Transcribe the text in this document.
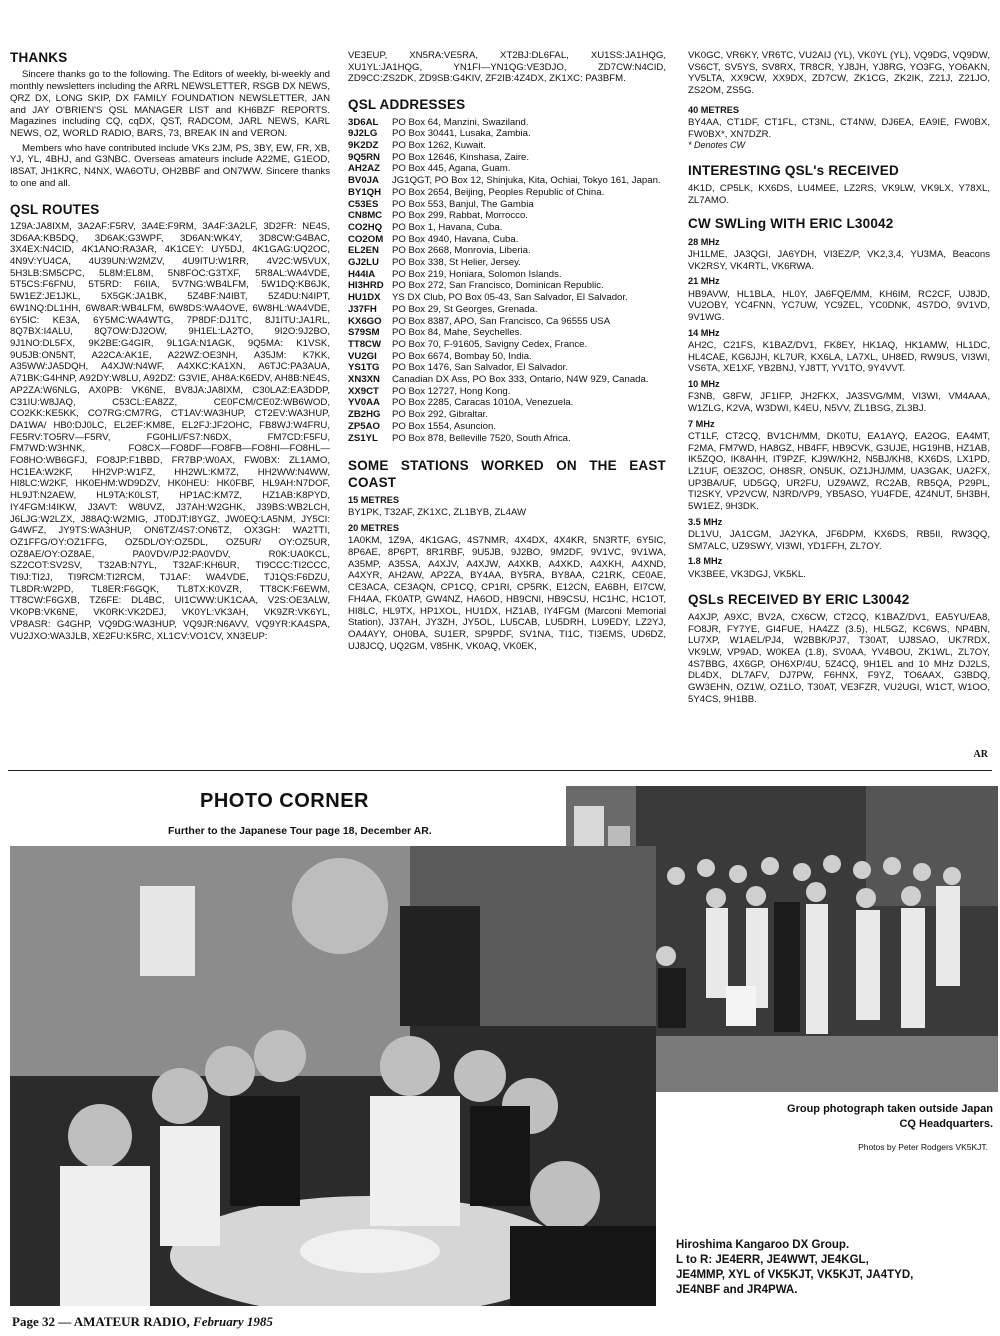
THANKS

Sincere thanks go to the following. The Editors of weekly, bi-weekly and monthly newsletters including the ARRL NEWSLETTER, RSGB DX NEWS, QRZ DX, LONG SKIP, DX FAMILY FOUNDATION NEWSLETTER, JAN and JAY O'BRIEN'S QSL MANAGER LIST and KH6BZF REPORTS. Magazines including CQ, cqDX, QST, RADCOM, JARL NEWS, KARL NEWS, OZ, WORLD RADIO, BARS, 73, BREAK IN and VERON.

Members who have contributed include VKs 2JM, PS, 3BY, EW, FR, XB, YJ, YL, 4BHJ, and G3NBC. Overseas amateurs include A22ME, G1EOD, I8SAT, JH1KRC, N4NX, WA6OTU, OH2BBF and ON7WW. Sincere thanks to one and all.

QSL ROUTES

1Z9A:JA8IXM, 3A2AF:F5RV, 3A4E:F9RM, 3A4F:3A2LF, 3D2FR: NE4S, 3D6AA:KB5DQ, 3D6AK:G3WPF, 3D6AN:WK4Y, 3D8CW:G4BAC, 3X4EX:N4CID, 4K1ANO:RA3AR, 4K1CEY: UY5DJ, 4K1GAG:UQ2OC, 4N9V:YU4CA, 4U39UN:W2MZV, 4U9ITU:W1RR, 4V2C:W5VUX, 5H3LB:SM5CPC, 5L8M:EL8M, 5N8FOC:G3TXF, 5R8AL:WA4VDE, 5T5CS:F6FNU, 5T5RD: F6IIA, 5V7NG:WB4LFM, 5W1DQ:KB6JK, 5W1EZ:JE1JKL, 5X5GK:JA1BK, 5Z4BF:N4IBT, 5Z4DU:N4IPT, 6W1NQ:DL1HH, 6W8AR:WB4LFM, 6W8DS:WA4OVE, 6W8HL:WA4VDE, 6Y5IC: KE3A, 6Y5MC:WA4WTG, 7P8DF:DJ1TC, 8J1ITU:JA1RL, 8Q7BX:I4ALU, 8Q7OW:DJ2OW, 9H1EL:LA2TO, 9I2O:9J2BO, 9J1NO:DL5FX, 9K2BE:G4GIR, 9L1GA:N1AGK, 9Q5MA: K1VSK, 9U5JB:ON5NT, A22CA:AK1E, A22WZ:OE3NH, A35JM: K7KK, A35WW:JA5DQH, A4XJW:N4WF, A4XKC:KA1XN, A6TJC:PA3AUA, A71BK:G4HNP, A92DY:W8LU, A92DZ: G3VIE, AH8A:K6EDV, AH8B:NE4S, AP2ZA:W6NLG, AX0PB: VK6NE, BV8JA:JA8IXM, C30LAZ:EA3DDP, C31IU:W8JAQ, C53CL:EA8ZZ, CE0FCM/CE0Z:WB6WOD, CO2KK:KE5KK, CO7RG:CM7RG, CT1AV:WA3HUP, CT2EV:WA3HUP, DA1WA/ HB0:DJ0LC, EL2EF:KM8E, EL2FJ:JF2OHC, FB8WJ:W4FRU, FE5RV:TO5RV—F5RV, FG0HLI/FS7:N6DX, FM7CD:F5FU, FM7WD:W3HNK, FO8CX—FO8DF—FO8FB—FO8HI—FO8HL— FO8HO:WB6GFJ, FO8JP:F1BBD, FR7BP:W0AX, FW0BX: ZL1AMO, HC1EA:W2KF, HH2VP:W1FZ, HH2WL:KM7Z, HH2WW:N4WW, HI8LC:W2KF, HK0EHM:WD9DZV, HK0HEU: HK0FBF, HL9AH:N7DOF, HL9JT:N2AEW, HL9TA:K0LST, HP1AC:KM7Z, HZ1AB:K8PYD, IY4FGM:I4IKW, J3AVT: W8UVZ, J37AH:W2GHK, J39BS:WB2LCH, J6LJG:W2LZX, J88AQ:W2MIG, JT0DJT:I8YGZ, JW0EQ:LA5NM, JY5CI: G4WFZ, JY9TS:WA3HUP, ON6TZ/4S7:ON6TZ, OX3GH: WA2TTI, OZ1FFG/OY:OZ1FFG, OZ5DL/OY:OZ5DL, OZ5UR/ OY:OZ5UR, OZ8AE/OY:OZ8AE, PA0VDV/PJ2:PA0VDV, R0K:UA0KCL, SZ2COT:SV2SV, T32AB:N7YL, T32AF:KH6UR, TI9CCC:TI2CCC, TI9J:TI2J, TI9RCM:TI2RCM, TJ1AF: WA4VDE, TJ1QS:F6DZU, TL8DR:W2PD, TL8ER:F6GQK, TL8TX:K0VZR, TT8CK:F6EWM, TT8CW:F6GXB, TZ6FE: DL4BC, UI1CWW:UK1CAA, V2S:OE3ALW, VK0PB:VK6NE, VK0RK:VK2DEJ, VK0YL:VK3AH, VK9ZR:VK6YL, VP8ASR: G4GHP, VQ9DG:WA3HUP, VQ9JR:N6AVV, VQ9YR:KA4SPA, VU2JXO:WA3JLB, XE2FU:K5RC, XL1CV:VO1CV, XN3EUP:

VE3EUP, XN5RA:VE5RA, XT2BJ:DL6FAL, XU1SS:JA1HQG, XU1YL:JA1HQG, YN1FI—YN1QG:VE3DJO, ZD7CW:N4CID, ZD9CC:ZS2DK, ZD9SB:G4KIV, ZF2IB:4Z4DX, ZK1XC: PA3BFM.

QSL ADDRESSES
3D6AL	PO Box 64, Manzini, Swaziland.
9J2LG	PO Box 30441, Lusaka, Zambia.
9K2DZ	PO Box 1262, Kuwait.
9Q5RN	PO Box 12646, Kinshasa, Zaire.
AH2AZ	PO Box 445, Agana, Guam.
BV0JA	JG1QGT, PO Box 12, Shinjuka, Kita, Ochiai, Tokyo 161, Japan.
BY1QH	PO Box 2654, Beijing, Peoples Republic of China.
C53ES	PO Box 553, Banjul, The Gambia
CN8MC	PO Box 299, Rabbat, Morrocco.
CO2HQ	PO Box 1, Havana, Cuba.
CO2OM PO Box 4940, Havana, Cuba.
EL2EN	PO Box 2668, Monrovia, Liberia.
GJ2LU	PO Box 338, St Helier, Jersey.
H44IA	PO Box 219, Honiara, Solomon Islands.
HI3HRD PO Box 272, San Francisco, Dominican Republic.
HU1DX	YS DX Club, PO Box 05-43, San Salvador, El Salvador.
J37FH	PO Box 29, St Georges, Grenada.
KX6GO	PO Box 8387, APO, San Francisco, Ca 96555 USA
S79SM	PO Box 84, Mahe, Seychelles.
TT8CW	PO Box 70, F-91605, Savigny Cedex, France.
VU2GI	PO Box 6674, Bombay 50, India.
YS1TG	PO Box 1476, San Salvador, El Salvador.
XN3XN	Canadian DX Ass, PO Box 333, Ontario, N4W 9Z9, Canada.
XX9CT	PO Box 12727, Hong Kong.
YV0AA	PO Box 2285, Caracas 1010A, Venezuela.
ZB2HG	PO Box 292, Gibraltar.
ZP5AO	PO Box 1554, Asuncion.
ZS1YL	PO Box 878, Belleville 7520, South Africa.
SOME STATIONS WORKED ON THE EAST COAST
15 METRES

BY1PK, T32AF, ZK1XC, ZL1BYB, ZL4AW

20 METRES

1A0KM, 1Z9A, 4K1GAG, 4S7NMR, 4X4DX, 4X4KR, 5N3RTF, 6Y5IC, 8P6AE, 8P6PT, 8R1RBF, 9U5JB, 9J2BO, 9M2DF, 9V1VC, 9V1WA, A35MP, A35SA, A4XJV, A4XJW, A4XKB, A4XKD, A4XKH, A4XND, A4XYR, AH2AW, AP2ZA, BY4AA, BY5RA, BY8AA, C21RK, CE0AE, CE3ACA, CE3AQN, CP1CQ, CP1RI, CP5RK, E12CN, EA6BH, EI7CW, FH4AA, FK0ATP, GW4NZ, HA6OD, HB9CNI, HB9CSU, HC1HC, HC1OT, HI8LC, HL9TX, HP1XOL, HU1DX, HZ1AB, IY4FGM (Marconi Memorial Station), J37AH, JY3ZH, JY5OL, LU5CAB, LU5DRH, LU9EDY, LZ2YJ, OA4AYY, OH0BA, SU1ER, SP9PDF, SV1NA, TI1C, TI3EMS, UD6DZ, UJ8JCQ, UQ2GM, V85HK, VK0AQ, VK0EK,

VK0GC, VR6KY, VR6TC, VU2AIJ (YL), VK0YL (YL), VQ9DG, VQ9DW, VS6CT, SV5YS, SV8RX, TR8CR, YJ8JH, YJ8RG, YO3FG, YO6AKN, YV5LTA, XX9CW, XX9DX, ZD7CW, ZK1CG, ZK2IK, Z21J, Z21JO, ZS2OM, ZS5G.

40 METRES

BY4AA, CT1DF, CT1FL, CT3NL, CT4NW, DJ6EA, EA9IE, FW0BX, FW0BX*, XN7DZR.

* Denotes CW

INTERESTING QSL's RECEIVED

4K1D, CP5LK, KX6DS, LU4MEE, LZ2RS, VK9LW, VK9LX, Y78XL, ZL7AMO.

CW SWLing WITH ERIC L30042
28 MHz

JH1LME, JA3QGI, JA6YDH, VI3EZ/P, VK2,3,4, YU3MA, Beacons VK2RSY, VK4RTL, VK6RWA.

21 MHz

HB9AVW, HL1BLA, HL0Y, JA6FQE/MM, KH6IM, RC2CF, UJ8JD, VU2OBY, YC4FNN, YC7UW, YC9ZEL, YC0DNK, 4S7DO, 9V1VD, 9V1WG.

14 MHz

AH2C, C21FS, K1BAZ/DV1, FK8EY, HK1AQ, HK1AMW, HL1DC, HL4CAE, KG6JJH, KL7UR, KX6LA, LA7XL, UH8ED, RW9US, VI3WI, VS6TA, XE1XF, YB2BNJ, YJ8TT, YV1TO, 9Y4VVT.

10 MHz

F3NB, G8FW, JF1IFP, JH2FKX, JA3SVG/MM, VI3WI, VM4AAA, W1ZLG, K2VA, W3DWI, K4EU, N5VV, ZL1BSG, ZL3BJ.

7 MHz

CT1LF, CT2CQ, BV1CH/MM, DK0TU, EA1AYQ, EA2OG, EA4MT, F2MA, FM7WD, HA8GZ, HB4FF, HB9CVK, G3UJE, HG19HB, HZ1AB, IK5ZQO, IK8AHH, IT9PZF, KJ9W/KH2, N5BJ/KH8, KX6DS, LX1PD, LZ1UF, OE3ZOC, OH8SR, ON5UK, OZ1JHJ/MM, UA3GAK, UA2FX, UP3BA/UF, UD5GQ, UR2FU, UZ9AWZ, RC2AB, RB5QA, P29PL, TI2SKY, VP2VCW, N3RD/VP9, YB5ASO, YU4FDE, 4Z4NUT, 5H3BH, 5W1EZ, 9H3DK.

3.5 MHz

DL1VU, JA1CGM, JA2YKA, JF6DPM, KX6DS, RB5II, RW3QQ, SM7ALC, UZ9SWY, VI3WI, YD1FFH, ZL7OY.

1.8 MHz

VK3BEE, VK3DGJ, VK5KL.

QSLs RECEIVED BY ERIC L30042

A4XJP, A9XC, BV2A, CX6CW, CT2CQ, K1BAZ/DV1, EA5YU/EA8, FO8JR, FY7YE, GI4FUE, HA4ZZ (3.5), HL5GZ, KC6WS, NP4BN, LU7XP, W1AEL/PJ4, W2BBK/PJ7, T30AT, UJ8SAO, UK7RDX, VK9LW, VP9AD, W0KEA (1.8), SV0AA, YV4BOU, ZK1WL, ZL7OY, 4S7BBG, 4X6GP, OH6XP/4U, 5Z4CQ, 9H1EL and 10 MHz DJ2LS, DL4DX, DL7AFV, DJ7PW, F6HNX, F9YZ, TO6AAX, G3BDQ, GW3EHN, OZ1W, OZ1LO, T30AT, VE3FZR, VU2UGI, W1CT, W1OO, 5Y4CS, 9H1BB.

AR
PHOTO CORNER
Further to the Japanese Tour page 18, December AR.
Group photograph taken outside Japan
CQ Headquarters.
Photos by Peter Rodgers VK5KJT.
Hiroshima Kangaroo DX Group.
L to R: JE4ERR, JE4WWT, JE4KGL,
JE4MMP, XYL of VK5KJT, VK5KJT, JA4TYD,
JE4NBF and JR4PWA.
Page 32 — AMATEUR RADIO, February 1985
